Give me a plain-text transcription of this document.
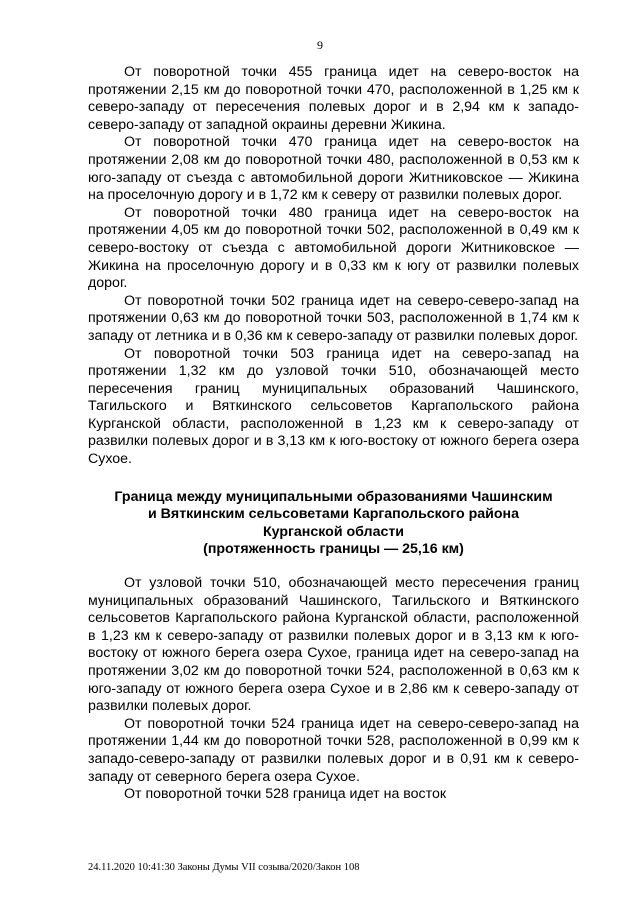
9

От поворотной точки 455 граница идет на северо-восток на протяжении 2,15 км до поворотной точки 470, расположенной в 1,25 км к северо-западу от пересечения полевых дорог и в 2,94 км к западо-северо-западу от западной окраины деревни Жикина.

От поворотной точки 470 граница идет на северо-восток на протяжении 2,08 км до поворотной точки 480, расположенной в 0,53 км к юго-западу от съезда с автомобильной дороги Житниковское — Жикина на проселочную дорогу и в 1,72 км к северу от развилки полевых дорог.

От поворотной точки 480 граница идет на северо-восток на протяжении 4,05 км до поворотной точки 502, расположенной в 0,49 км к северо-востоку от съезда с автомобильной дороги Житниковское — Жикина на проселочную дорогу и в 0,33 км к югу от развилки полевых дорог.

От поворотной точки 502 граница идет на северо-северо-запад на протяжении 0,63 км до поворотной точки 503, расположенной в 1,74 км к западу от летника и в 0,36 км к северо-западу от развилки полевых дорог.

От поворотной точки 503 граница идет на северо-запад на протяжении 1,32 км до узловой точки 510, обозначающей место пересечения границ муниципальных образований Чашинского, Тагильского и Вяткинского сельсоветов Каргапольского района Курганской области, расположенной в 1,23 км к северо-западу от развилки полевых дорог и в 3,13 км к юго-востоку от южного берега озера Сухое.

Граница между муниципальными образованиями Чашинским
и Вяткинским сельсоветами Каргапольского района
Курганской области
(протяженность границы — 25,16 км)

От узловой точки 510, обозначающей место пересечения границ муниципальных образований Чашинского, Тагильского и Вяткинского сельсоветов Каргапольского района Курганской области, расположенной в 1,23 км к северо-западу от развилки полевых дорог и в 3,13 км к юго-востоку от южного берега озера Сухое, граница идет на северо-запад на протяжении 3,02 км до поворотной точки 524, расположенной в 0,63 км к юго-западу от южного берега озера Сухое и в 2,86 км к северо-западу от развилки полевых дорог.

От поворотной точки 524 граница идет на северо-северо-запад на протяжении 1,44 км до поворотной точки 528, расположенной в 0,99 км к западо-северо-западу от развилки полевых дорог и в 0,91 км к северо-западу от северного берега озера Сухое.

От поворотной точки 528 граница идет на восток

24.11.2020 10:41:30 Законы Думы VII созыва/2020/Закон 108
